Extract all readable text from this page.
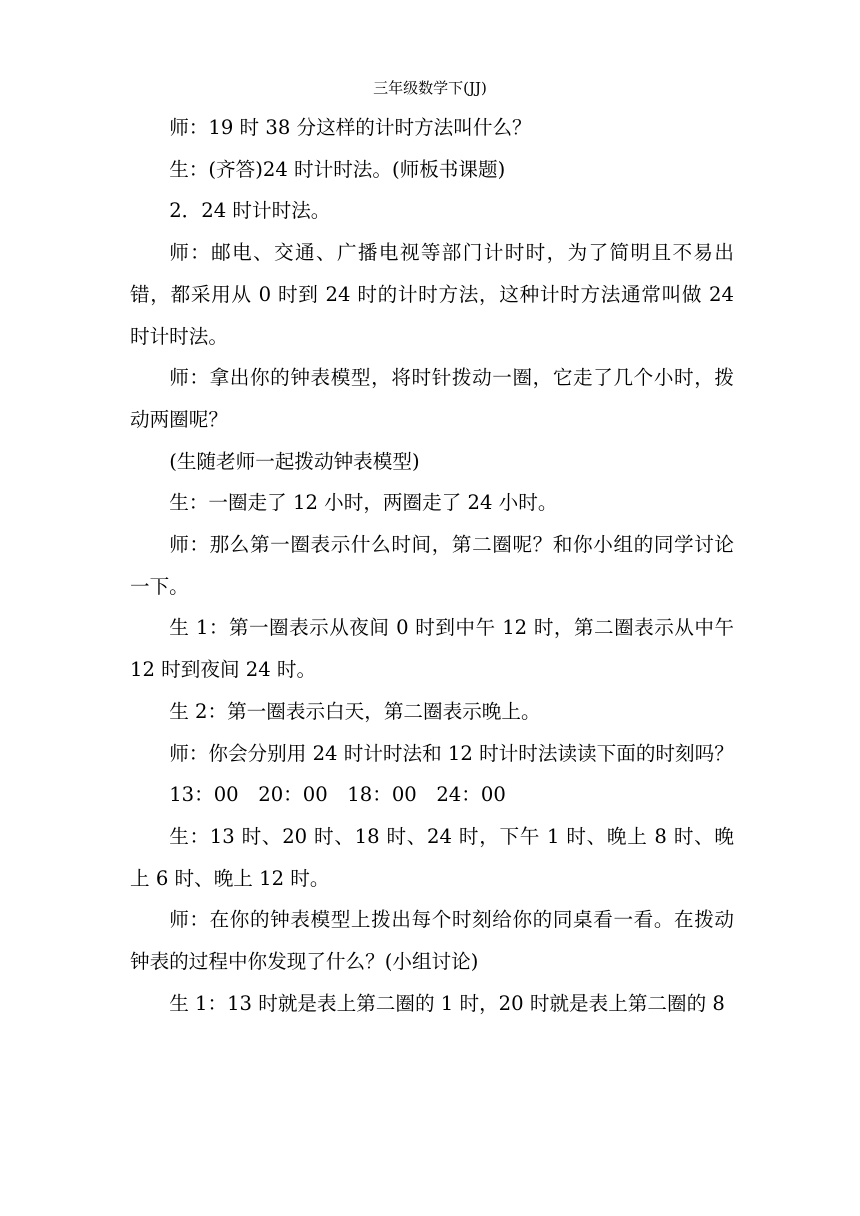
三年级数学下(JJ)

师：19 时 38 分这样的计时方法叫什么？

生：(齐答)24 时计时法。(师板书课题)

2．24 时计时法。

师：邮电、交通、广播电视等部门计时时，为了简明且不易出错，都采用从 0 时到 24 时的计时方法，这种计时方法通常叫做 24 时计时法。

师：拿出你的钟表模型，将时针拨动一圈，它走了几个小时，拨动两圈呢？

(生随老师一起拨动钟表模型)

生：一圈走了 12 小时，两圈走了 24 小时。

师：那么第一圈表示什么时间，第二圈呢？和你小组的同学讨论一下。

生 1：第一圈表示从夜间 0 时到中午 12 时，第二圈表示从中午 12 时到夜间 24 时。

生 2：第一圈表示白天，第二圈表示晚上。

师：你会分别用 24 时计时法和 12 时计时法读读下面的时刻吗？

13：00　20：00　18：00　24：00

生：13 时、20 时、18 时、24 时，下午 1 时、晚上 8 时、晚上 6 时、晚上 12 时。

师：在你的钟表模型上拨出每个时刻给你的同桌看一看。在拨动钟表的过程中你发现了什么？(小组讨论)

生 1：13 时就是表上第二圈的 1 时，20 时就是表上第二圈的 8
